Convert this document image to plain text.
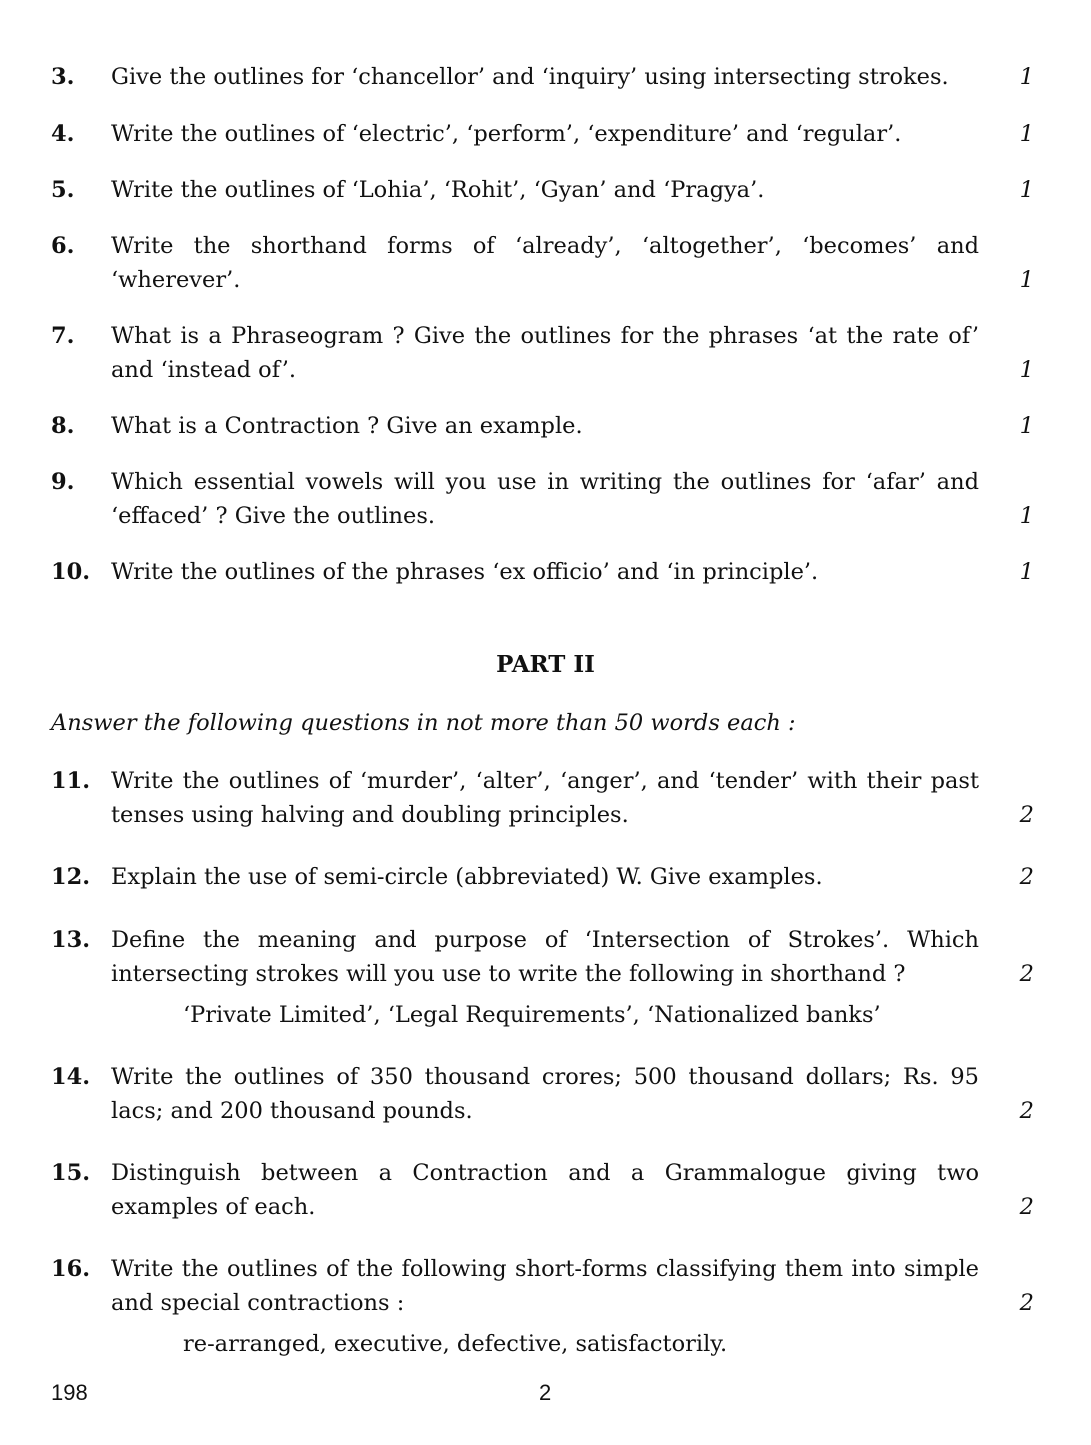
3. Give the outlines for ‘chancellor’ and ‘inquiry’ using intersecting strokes.	1
4. Write the outlines of ‘electric’, ‘perform’, ‘expenditure’ and ‘regular’.	1
5. Write the outlines of ‘Lohia’, ‘Rohit’, ‘Gyan’ and ‘Pragya’.	1
6. Write the shorthand forms of ‘already’, ‘altogether’, ‘becomes’ and ‘wherever’.	1
7. What is a Phraseogram ? Give the outlines for the phrases ‘at the rate of’ and ‘instead of’.	1
8. What is a Contraction ? Give an example.	1
9. Which essential vowels will you use in writing the outlines for ‘afar’ and ‘effaced’ ? Give the outlines.	1
10. Write the outlines of the phrases ‘ex officio’ and ‘in principle’.	1
PART II
Answer the following questions in not more than 50 words each :
11. Write the outlines of ‘murder’, ‘alter’, ‘anger’, and ‘tender’ with their past tenses using halving and doubling principles.	2
12. Explain the use of semi-circle (abbreviated) W. Give examples.	2
13. Define the meaning and purpose of ‘Intersection of Strokes’. Which intersecting strokes will you use to write the following in shorthand ?	2
‘Private Limited’, ‘Legal Requirements’, ‘Nationalized banks’
14. Write the outlines of 350 thousand crores; 500 thousand dollars; Rs. 95 lacs; and 200 thousand pounds.	2
15. Distinguish between a Contraction and a Grammalogue giving two examples of each.	2
16. Write the outlines of the following short-forms classifying them into simple and special contractions :	2
re-arranged, executive, defective, satisfactorily.
198	2
